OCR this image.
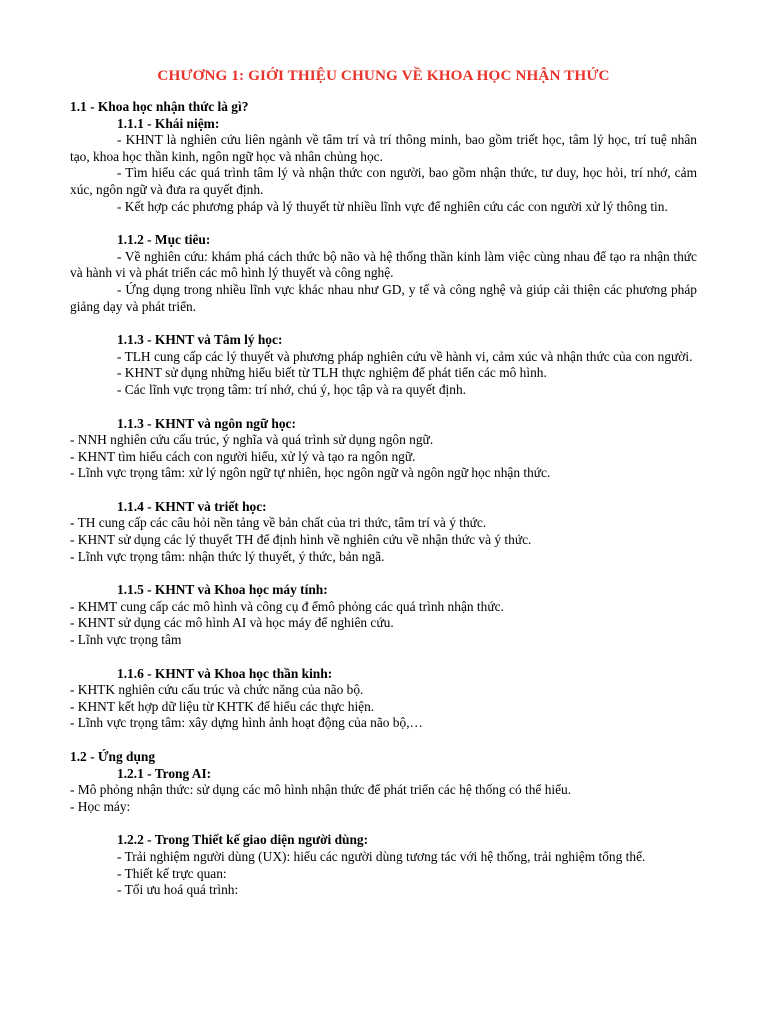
CHƯƠNG 1: GIỚI THIỆU CHUNG VỀ KHOA HỌC NHẬN THỨC
1.1 - Khoa học nhận thức là gì?
1.1.1 - Khái niệm:
- KHNT là nghiên cứu liên ngành về tâm trí và trí thông minh, bao gồm triết học, tâm lý học, trí tuệ nhân tạo, khoa học thần kinh, ngôn ngữ học và nhân chủng học.
- Tìm hiểu các quá trình tâm lý và nhận thức con người, bao gồm nhận thức, tư duy, học hỏi, trí nhớ, cảm xúc, ngôn ngữ và đưa ra quyết định.
- Kết hợp các phương pháp và lý thuyết từ nhiều lĩnh vực để nghiên cứu các con người xử lý thông tin.
1.1.2 - Mục tiêu:
- Về nghiên cứu: khám phá cách thức bộ não và hệ thống thần kinh làm việc cùng nhau để tạo ra nhận thức và hành vi và phát triển các mô hình lý thuyết và công nghệ.
- Ứng dụng trong nhiều lĩnh vực khác nhau như GD, y tế và công nghệ và giúp cải thiện các phương pháp giảng dạy và phát triển.
1.1.3 - KHNT và Tâm lý học:
- TLH cung cấp các lý thuyết và phương pháp nghiên cứu về hành vi, cảm xúc và nhận thức của con người.
- KHNT sử dụng những hiểu biết từ TLH thực nghiệm để phát tiển các mô hình.
- Các lĩnh vực trọng tâm: trí nhớ, chú ý, học tập và ra quyết định.
1.1.3 - KHNT và ngôn ngữ học:
- NNH nghiên cứu cấu trúc, ý nghĩa và quá trình sử dụng ngôn ngữ.
- KHNT tìm hiểu cách con người hiểu, xử lý và tạo ra ngôn ngữ.
- Lĩnh vực trọng tâm: xử lý ngôn ngữ tự nhiên, học ngôn ngữ và ngôn ngữ học nhận thức.
1.1.4 - KHNT và triết học:
- TH cung cấp các câu hỏi nền tảng về bản chất của tri thức, tâm trí và ý thức.
- KHNT sử dụng các lý thuyết TH để định hình về nghiên cứu về nhận thức và ý thức.
- Lĩnh vực trọng tâm: nhận thức lý thuyết, ý thức, bản ngã.
1.1.5 - KHNT và Khoa học máy tính:
- KHMT cung cấp các mô hình và công cụ đ ểmô phỏng các quá trình nhận thức.
- KHNT sử dụng các mô hình AI và học máy để nghiên cứu.
- Lĩnh vực trọng tâm
1.1.6 - KHNT và Khoa học thần kinh:
- KHTK nghiên cứu cấu trúc và chức năng của não bộ.
- KHNT kết hợp dữ liệu từ KHTK để hiểu các thực hiện.
- Lĩnh vực trọng tâm: xây dựng hình ảnh hoạt động của não bộ,…
1.2 - Ứng dụng
1.2.1 - Trong AI:
- Mô phỏng nhận thức: sử dụng các mô hình nhận thức để phát triển các hệ thống có thể hiểu.
- Học máy:
1.2.2 - Trong Thiết kế giao diện người dùng:
- Trải nghiệm người dùng (UX): hiểu các người dùng tương tác với hệ thống, trải nghiệm tổng thể.
- Thiết kế trực quan:
- Tối ưu hoá quá trình:
